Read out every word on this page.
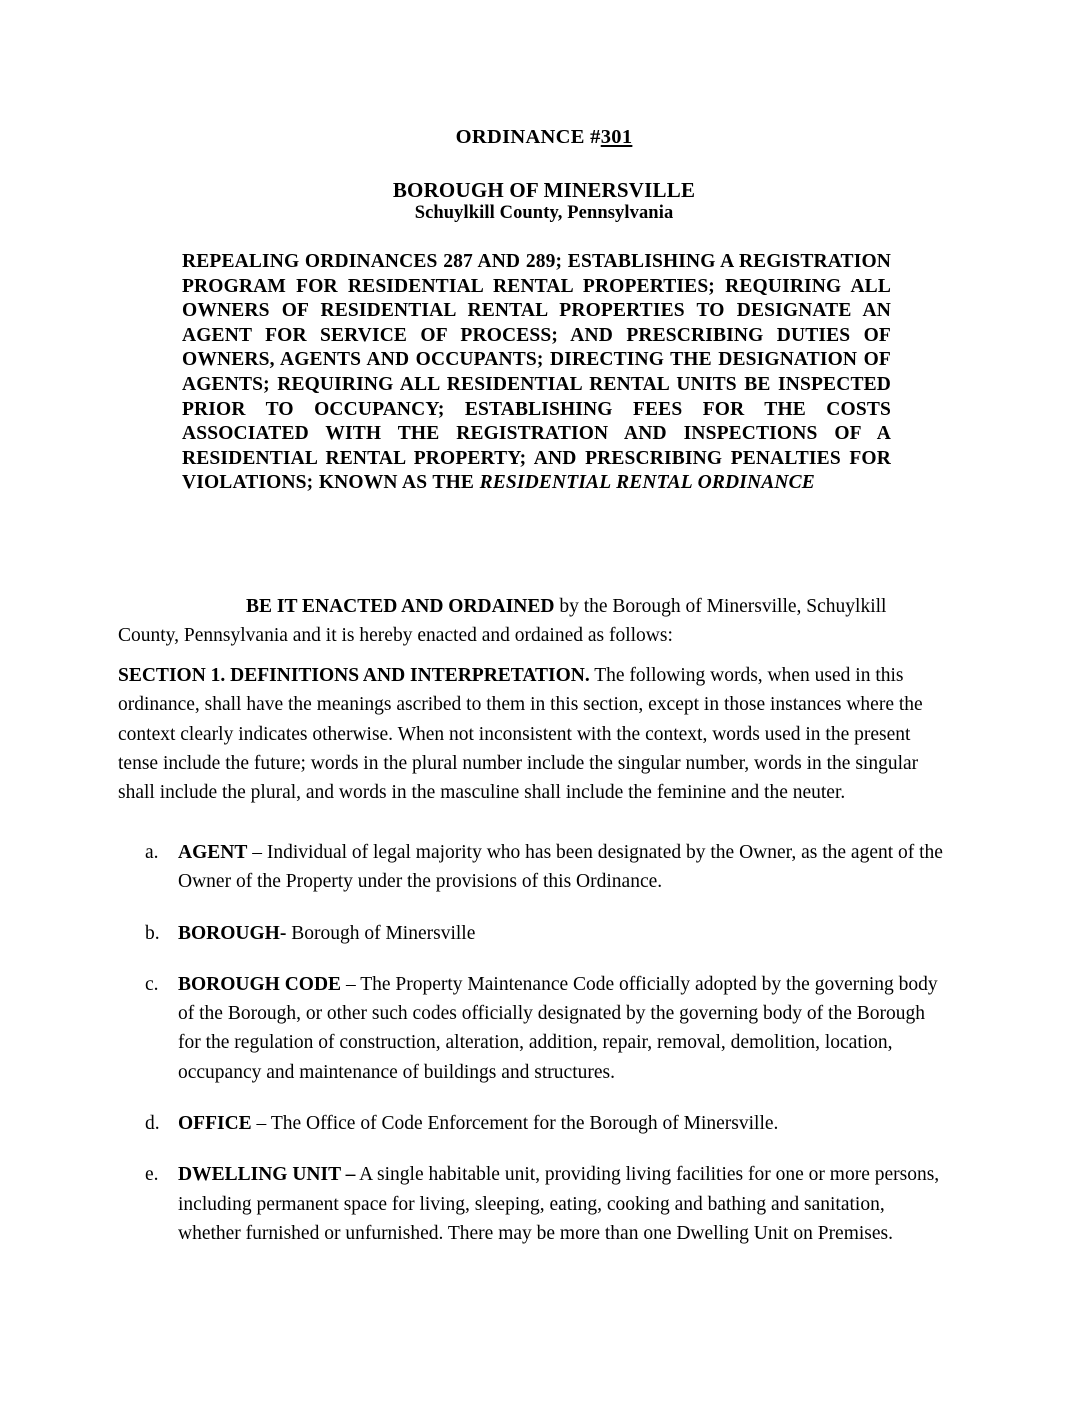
ORDINANCE #301
BOROUGH OF MINERSVILLE
Schuylkill County, Pennsylvania
REPEALING ORDINANCES 287 AND 289; ESTABLISHING A REGISTRATION PROGRAM FOR RESIDENTIAL RENTAL PROPERTIES; REQUIRING ALL OWNERS OF RESIDENTIAL RENTAL PROPERTIES TO DESIGNATE AN AGENT FOR SERVICE OF PROCESS; AND PRESCRIBING DUTIES OF OWNERS, AGENTS AND OCCUPANTS; DIRECTING THE DESIGNATION OF AGENTS; REQUIRING ALL RESIDENTIAL RENTAL UNITS BE INSPECTED PRIOR TO OCCUPANCY; ESTABLISHING FEES FOR THE COSTS ASSOCIATED WITH THE REGISTRATION AND INSPECTIONS OF A RESIDENTIAL RENTAL PROPERTY; AND PRESCRIBING PENALTIES FOR VIOLATIONS; KNOWN AS THE RESIDENTIAL RENTAL ORDINANCE
BE IT ENACTED AND ORDAINED by the Borough of Minersville, Schuylkill County, Pennsylvania and it is hereby enacted and ordained as follows:
SECTION 1. DEFINITIONS AND INTERPRETATION. The following words, when used in this ordinance, shall have the meanings ascribed to them in this section, except in those instances where the context clearly indicates otherwise. When not inconsistent with the context, words used in the present tense include the future; words in the plural number include the singular number, words in the singular shall include the plural, and words in the masculine shall include the feminine and the neuter.
a. AGENT – Individual of legal majority who has been designated by the Owner, as the agent of the Owner of the Property under the provisions of this Ordinance.
b. BOROUGH- Borough of Minersville
c. BOROUGH CODE – The Property Maintenance Code officially adopted by the governing body of the Borough, or other such codes officially designated by the governing body of the Borough for the regulation of construction, alteration, addition, repair, removal, demolition, location, occupancy and maintenance of buildings and structures.
d. OFFICE – The Office of Code Enforcement for the Borough of Minersville.
e. DWELLING UNIT – A single habitable unit, providing living facilities for one or more persons, including permanent space for living, sleeping, eating, cooking and bathing and sanitation, whether furnished or unfurnished. There may be more than one Dwelling Unit on Premises.
